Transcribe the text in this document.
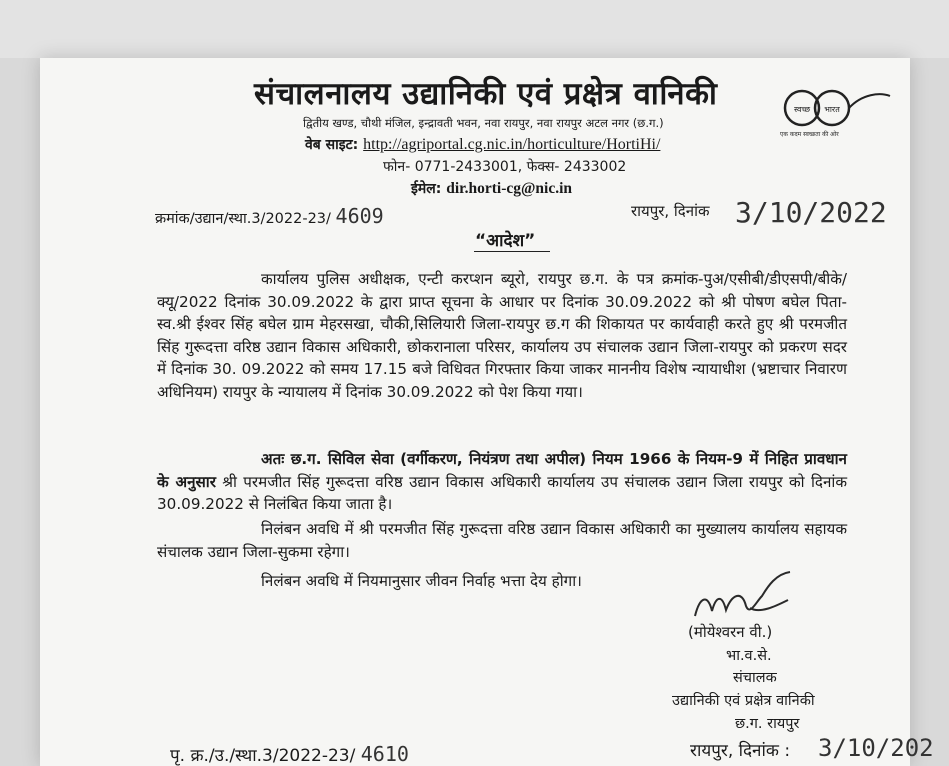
संचालनालय उद्यानिकी एवं प्रक्षेत्र वानिकी
द्वितीय खण्ड, चौथी मंजिल, इन्द्रावती भवन, नवा रायपुर, नवा रायपुर अटल नगर (छ.ग.)
वेब साइट: http://agriportal.cg.nic.in/horticulture/HortiHi/
फोन- 0771-2433001, फेक्स- 2433002
ईमेल: dir.horti-cg@nic.in
स्वच्छ भारत
एक कदम स्वच्छता की ओर
क्रमांक/उद्यान/स्था.3/2022-23/ 4609	रायपुर, दिनांक 3/10/2022
“आदेश”
कार्यालय पुलिस अधीक्षक, एन्टी करप्शन ब्यूरो, रायपुर छ.ग. के पत्र क्रमांक-पुअ/एसीबी/डीएसपी/बीके/क्यू/2022 दिनांक 30.09.2022 के द्वारा प्राप्त सूचना के आधार पर दिनांक 30.09.2022 को श्री पोषण बघेल पिता-स्व.श्री ईश्वर सिंह बघेल ग्राम मेहरसखा, चौकी,सिलियारी जिला-रायपुर छ.ग की शिकायत पर कार्यवाही करते हुए श्री परमजीत सिंह गुरूदत्ता वरिष्ठ उद्यान विकास अधिकारी, छोकरानाला परिसर, कार्यालय उप संचालक उद्यान जिला-रायपुर को प्रकरण सदर में दिनांक 30. 09.2022 को समय 17.15 बजे विधिवत गिरफ्तार किया जाकर माननीय विशेष न्यायाधीश (भ्रष्टाचार निवारण अधिनियम) रायपुर के न्यायालय में दिनांक 30.09.2022 को पेश किया गया।
अतः छ.ग. सिविल सेवा (वर्गीकरण, नियंत्रण तथा अपील) नियम 1966 के नियम-9 में निहित प्रावधान के अनुसार श्री परमजीत सिंह गुरूदत्ता वरिष्ठ उद्यान विकास अधिकारी कार्यालय उप संचालक उद्यान जिला रायपुर को दिनांक 30.09.2022 से निलंबित किया जाता है।
निलंबन अवधि में श्री परमजीत सिंह गुरूदत्ता वरिष्ठ उद्यान विकास अधिकारी का मुख्यालय कार्यालय सहायक संचालक उद्यान जिला-सुकमा रहेगा।
निलंबन अवधि में नियमानुसार जीवन निर्वाह भत्ता देय होगा।
(मोयेश्वरन वी.)
भा.व.से.
संचालक
उद्यानिकी एवं प्रक्षेत्र वानिकी
छ.ग. रायपुर
पृ. क्र./उ./स्था.3/2022-23/ 4610	रायपुर, दिनांक : 3/10/202
